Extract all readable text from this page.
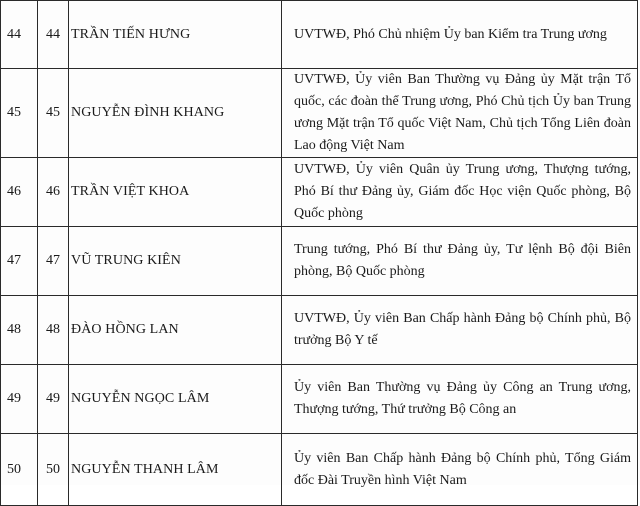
44	44	TRẦN TIẾN HƯNG	UVTWĐ, Phó Chủ nhiệm Ủy ban Kiểm tra Trung ương
45	45	NGUYỄN ĐÌNH KHANG	UVTWĐ, Ủy viên Ban Thường vụ Đảng ủy Mặt trận Tổ quốc, các đoàn thể Trung ương, Phó Chủ tịch Ủy ban Trung ương Mặt trận Tổ quốc Việt Nam, Chủ tịch Tổng Liên đoàn Lao động Việt Nam
46	46	TRẦN VIỆT KHOA	UVTWĐ, Ủy viên Quân ủy Trung ương, Thượng tướng, Phó Bí thư Đảng ủy, Giám đốc Học viện Quốc phòng, Bộ Quốc phòng
47	47	VŨ TRUNG KIÊN	Trung tướng, Phó Bí thư Đảng ủy, Tư lệnh Bộ đội Biên phòng, Bộ Quốc phòng
48	48	ĐÀO HỒNG LAN	UVTWĐ, Ủy viên Ban Chấp hành Đảng bộ Chính phủ, Bộ trưởng Bộ Y tế
49	49	NGUYỄN NGỌC LÂM	Ủy viên Ban Thường vụ Đảng ủy Công an Trung ương, Thượng tướng, Thứ trưởng Bộ Công an
50	50	NGUYỄN THANH LÂM	Ủy viên Ban Chấp hành Đảng bộ Chính phủ, Tổng Giám đốc Đài Truyền hình Việt Nam
